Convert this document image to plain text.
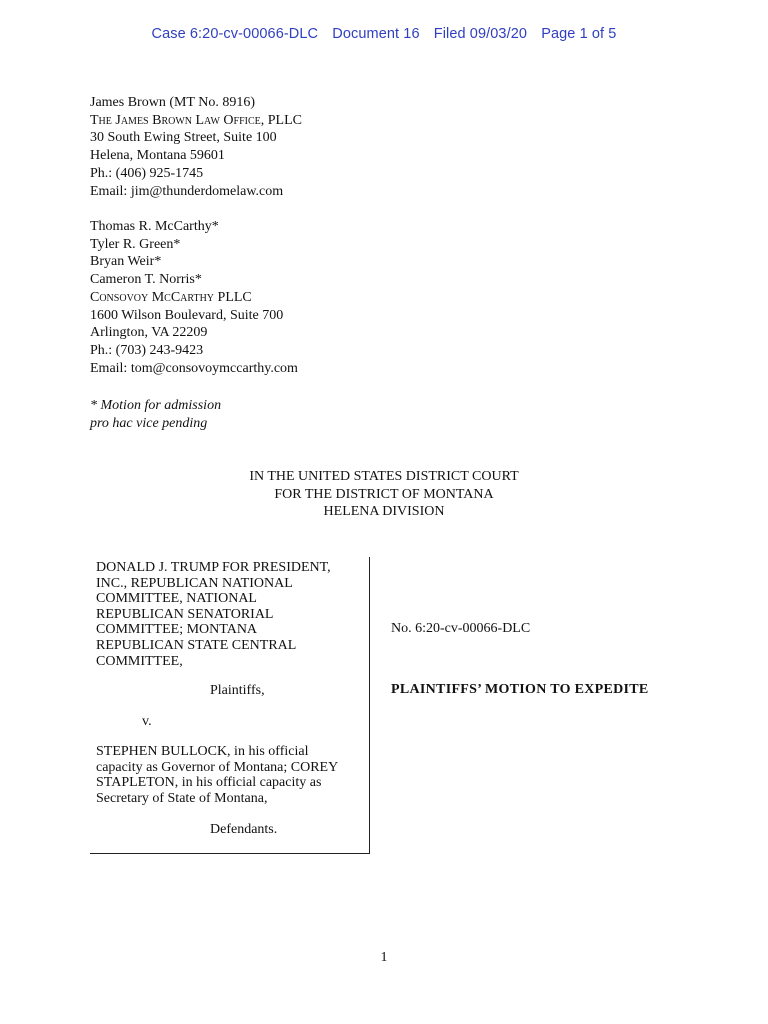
Case 6:20-cv-00066-DLC Document 16 Filed 09/03/20 Page 1 of 5
James Brown (MT No. 8916)
The James Brown Law Office, PLLC
30 South Ewing Street, Suite 100
Helena, Montana 59601
Ph.: (406) 925-1745
Email: jim@thunderdomelaw.com
Thomas R. McCarthy*
Tyler R. Green*
Bryan Weir*
Cameron T. Norris*
Consovoy McCarthy PLLC
1600 Wilson Boulevard, Suite 700
Arlington, VA 22209
Ph.: (703) 243-9423
Email: tom@consovoymccarthy.com
* Motion for admission
pro hac vice pending
IN THE UNITED STATES DISTRICT COURT
FOR THE DISTRICT OF MONTANA
HELENA DIVISION
DONALD J. TRUMP FOR PRESIDENT,
INC., REPUBLICAN NATIONAL
COMMITTEE, NATIONAL
REPUBLICAN SENATORIAL
COMMITTEE; MONTANA
REPUBLICAN STATE CENTRAL
COMMITTEE,
Plaintiffs,
v.
STEPHEN BULLOCK, in his official
capacity as Governor of Montana; COREY
STAPLETON, in his official capacity as
Secretary of State of Montana,
Defendants.
No. 6:20-cv-00066-DLC
PLAINTIFFS’ MOTION TO EXPEDITE
1
